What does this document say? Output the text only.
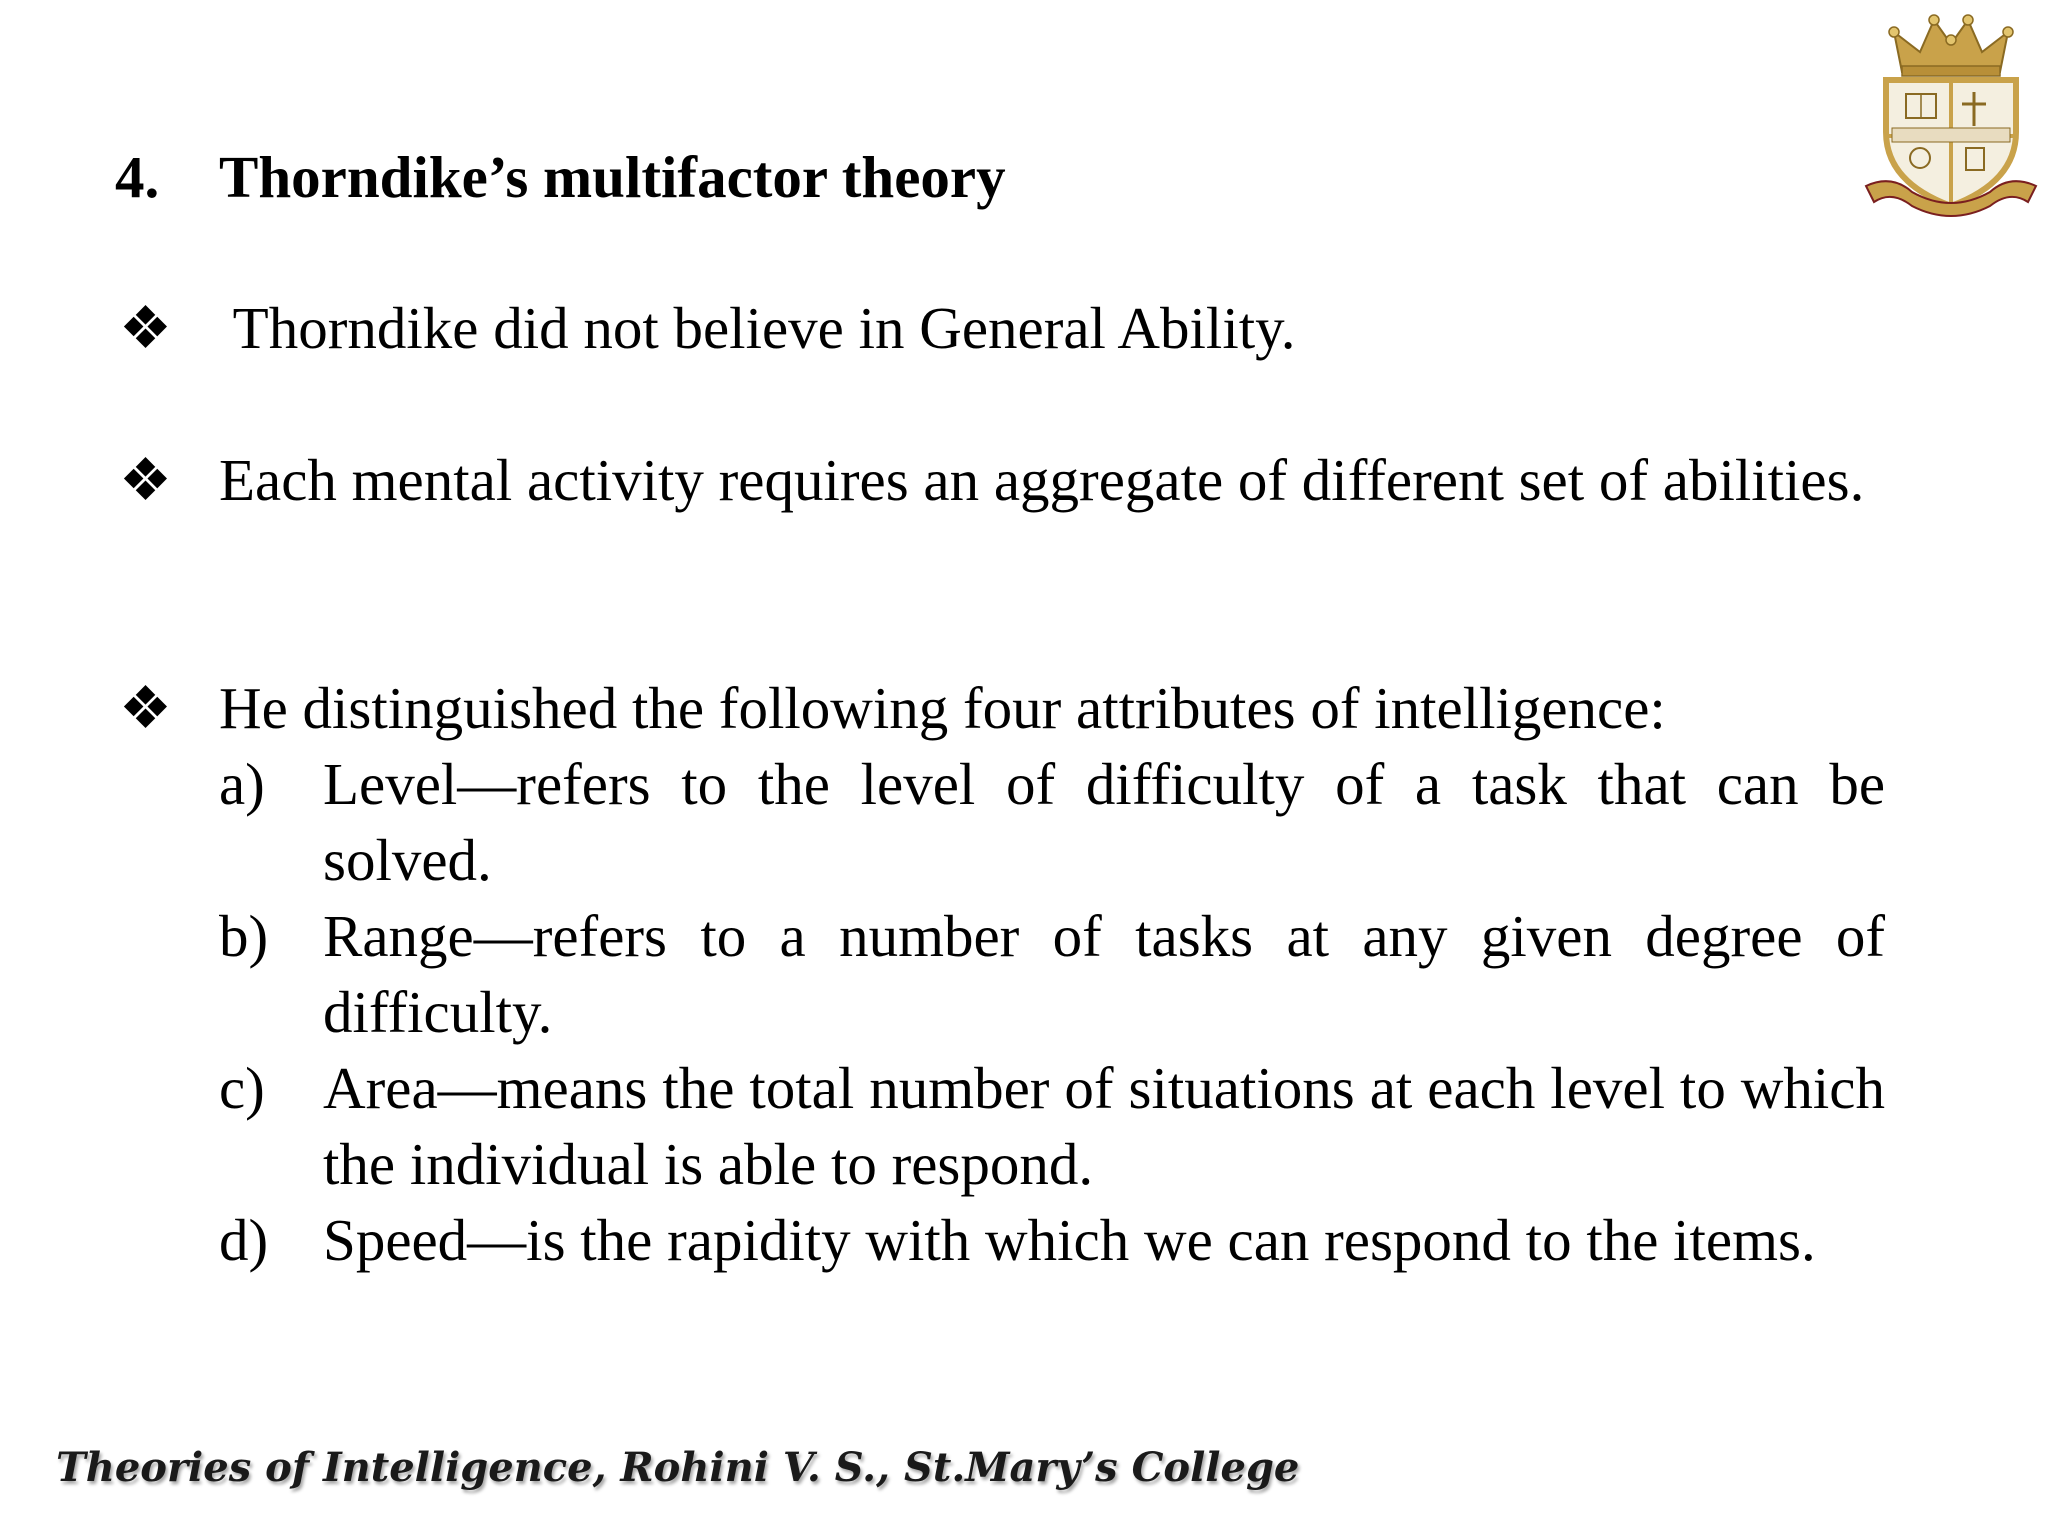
4. Thorndike’s multifactor theory
❖ Thorndike did not believe in General Ability.
❖ Each mental activity requires an aggregate of different set of abilities.
❖ He distinguished the following four attributes of intelligence:
a) Level—refers to the level of difficulty of a task that can be solved.
b) Range—refers to a number of tasks at any given degree of difficulty.
c) Area—means the total number of situations at each level to which the individual is able to respond.
d) Speed—is the rapidity with which we can respond to the items.
Theories of Intelligence, Rohini V. S., St.Mary’s College
